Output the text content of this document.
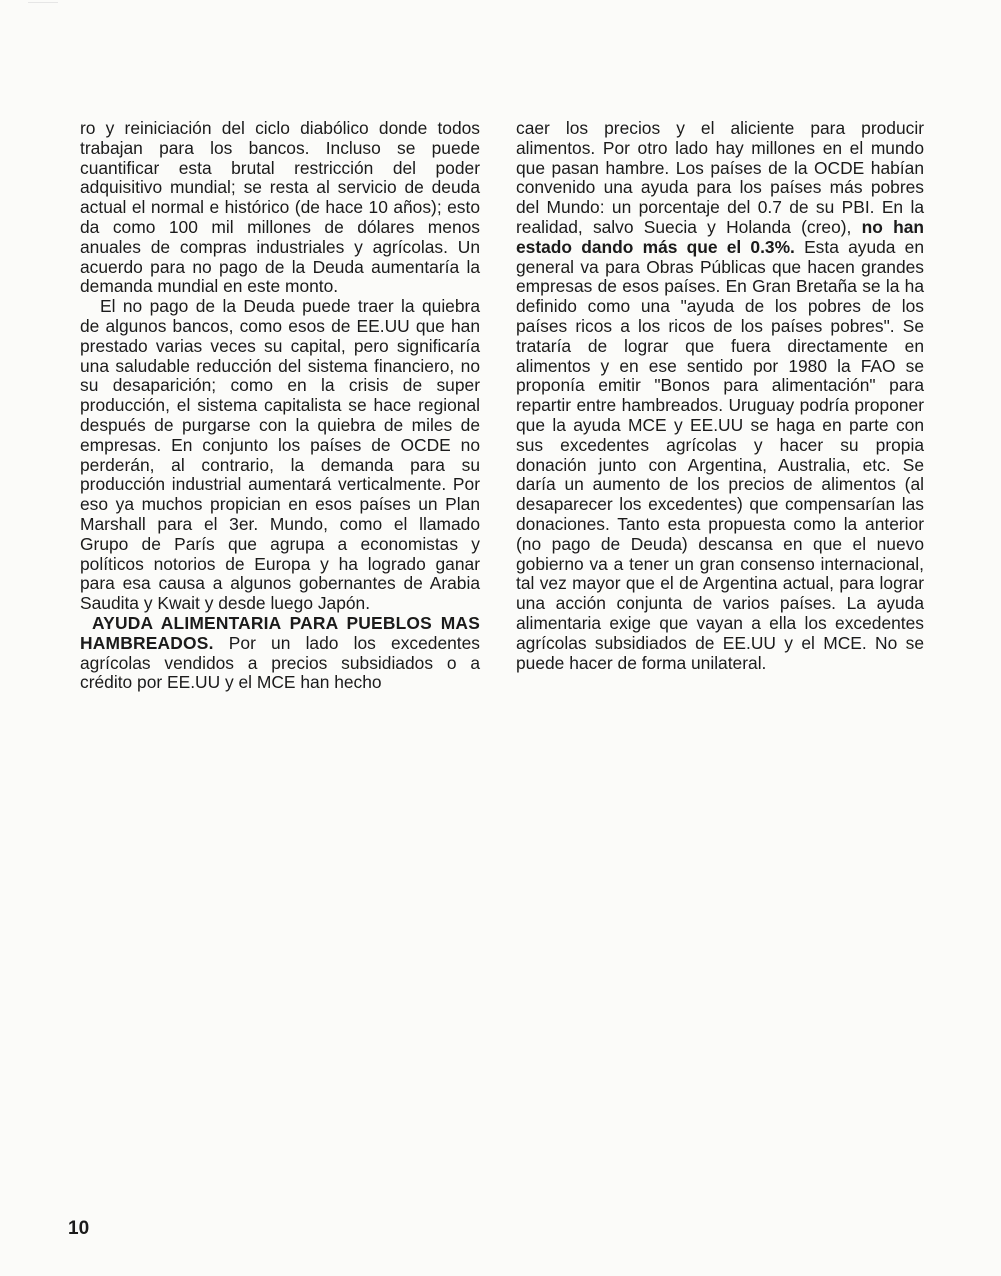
ro y reiniciación del ciclo diabólico donde todos trabajan para los bancos. Incluso se puede cuantificar esta brutal restricción del poder adquisitivo mundial; se resta al servicio de deuda actual el normal e histórico (de hace 10 años); esto da como 100 mil millones de dólares menos anuales de compras industriales y agrícolas. Un acuerdo para no pago de la Deuda aumentaría la demanda mundial en este monto.

El no pago de la Deuda puede traer la quiebra de algunos bancos, como esos de EE.UU que han prestado varias veces su capital, pero significaría una saludable reducción del sistema financiero, no su desaparición; como en la crisis de super producción, el sistema capitalista se hace regional después de purgarse con la quiebra de miles de empresas. En conjunto los países de OCDE no perderán, al contrario, la demanda para su producción industrial aumentará verticalmente. Por eso ya muchos propician en esos países un Plan Marshall para el 3er. Mundo, como el llamado Grupo de París que agrupa a economistas y políticos notorios de Europa y ha logrado ganar para esa causa a algunos gobernantes de Arabia Saudita y Kwait y desde luego Japón.

AYUDA ALIMENTARIA PARA PUEBLOS MAS HAMBREADOS. Por un lado los excedentes agrícolas vendidos a precios subsidiados o a crédito por EE.UU y el MCE han hecho

caer los precios y el aliciente para producir alimentos. Por otro lado hay millones en el mundo que pasan hambre. Los países de la OCDE habían convenido una ayuda para los países más pobres del Mundo: un porcentaje del 0.7 de su PBI. En la realidad, salvo Suecia y Holanda (creo), no han estado dando más que el 0.3%. Esta ayuda en general va para Obras Públicas que hacen grandes empresas de esos países. En Gran Bretaña se la ha definido como una "ayuda de los pobres de los países ricos a los ricos de los países pobres". Se trataría de lograr que fuera directamente en alimentos y en ese sentido por 1980 la FAO se proponía emitir "Bonos para alimentación" para repartir entre hambreados. Uruguay podría proponer que la ayuda MCE y EE.UU se haga en parte con sus excedentes agrícolas y hacer su propia donación junto con Argentina, Australia, etc. Se daría un aumento de los precios de alimentos (al desaparecer los excedentes) que compensarían las donaciones. Tanto esta propuesta como la anterior (no pago de Deuda) descansa en que el nuevo gobierno va a tener un gran consenso internacional, tal vez mayor que el de Argentina actual, para lograr una acción conjunta de varios países. La ayuda alimentaria exige que vayan a ella los excedentes agrícolas subsidiados de EE.UU y el MCE. No se puede hacer de forma unilateral.

10
